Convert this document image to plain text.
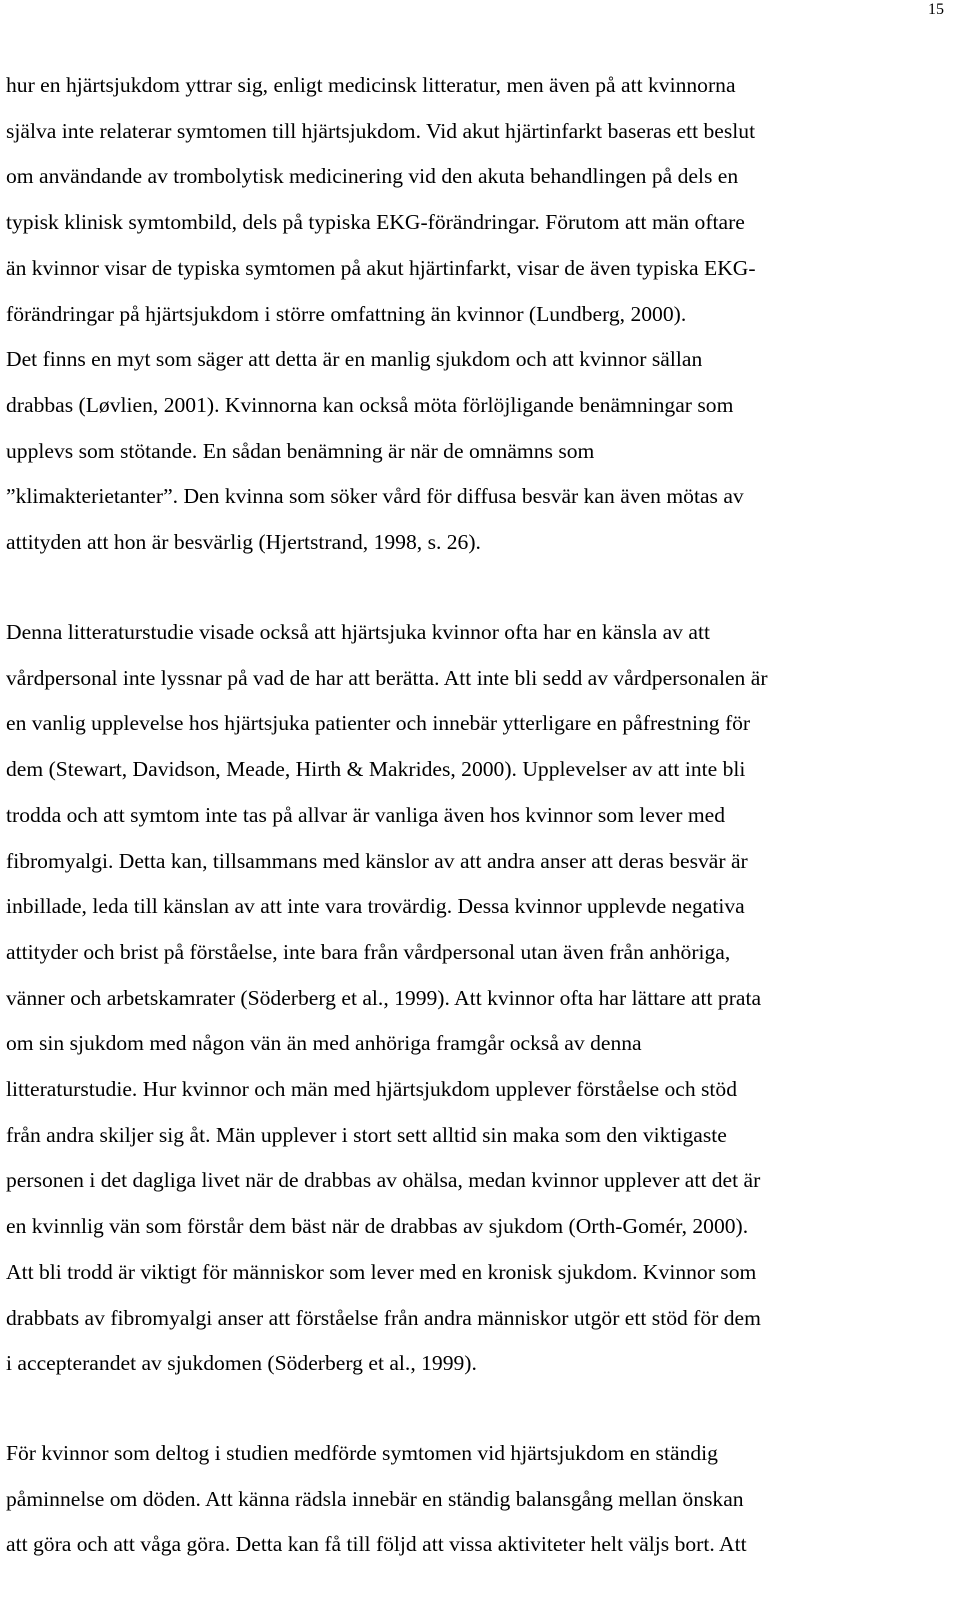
15
hur en hjärtsjukdom yttrar sig, enligt medicinsk litteratur, men även på att kvinnorna
själva inte relaterar symtomen till hjärtsjukdom. Vid akut hjärtinfarkt baseras ett beslut
om användande av trombolytisk medicinering vid den akuta behandlingen på dels en
typisk klinisk symtombild, dels på typiska EKG-förändringar. Förutom att män oftare
än kvinnor visar de typiska symtomen på akut hjärtinfarkt, visar de även typiska EKG-
förändringar på hjärtsjukdom i större omfattning än kvinnor (Lundberg, 2000).
Det finns en myt som säger att detta är en manlig sjukdom och att kvinnor sällan
drabbas (Løvlien, 2001). Kvinnorna kan också möta förlöjligande benämningar som
upplevs som stötande. En sådan benämning är när de omnämns som
”klimakterietanter”. Den kvinna som söker vård för diffusa besvär kan även mötas av
attityden att hon är besvärlig (Hjertstrand, 1998, s. 26).
Denna litteraturstudie visade också att hjärtsjuka kvinnor ofta har en känsla av att
vårdpersonal inte lyssnar på vad de har att berätta. Att inte bli sedd av vårdpersonalen är
en vanlig upplevelse hos hjärtsjuka patienter och innebär ytterligare en påfrestning för
dem (Stewart, Davidson, Meade, Hirth & Makrides, 2000). Upplevelser av att inte bli
trodda och att symtom inte tas på allvar är vanliga även hos kvinnor som lever med
fibromyalgi. Detta kan, tillsammans med känslor av att andra anser att deras besvär är
inbillade, leda till känslan av att inte vara trovärdig. Dessa kvinnor upplevde negativa
attityder och brist på förståelse, inte bara från vårdpersonal utan även från anhöriga,
vänner och arbetskamrater (Söderberg et al., 1999). Att kvinnor ofta har lättare att prata
om sin sjukdom med någon vän än med anhöriga framgår också av denna
litteraturstudie. Hur kvinnor och män med hjärtsjukdom upplever förståelse och stöd
från andra skiljer sig åt. Män upplever i stort sett alltid sin maka som den viktigaste
personen i det dagliga livet när de drabbas av ohälsa, medan kvinnor upplever att det är
en kvinnlig vän som förstår dem bäst när de drabbas av sjukdom (Orth-Gomér, 2000).
Att bli trodd är viktigt för människor som lever med en kronisk sjukdom. Kvinnor som
drabbats av fibromyalgi anser att förståelse från andra människor utgör ett stöd för dem
i accepterandet av sjukdomen (Söderberg et al., 1999).
För kvinnor som deltog i studien medförde symtomen vid hjärtsjukdom en ständig
påminnelse om döden. Att känna rädsla innebär en ständig balansgång mellan önskan
att göra och att våga göra. Detta kan få till följd att vissa aktiviteter helt väljs bort. Att
